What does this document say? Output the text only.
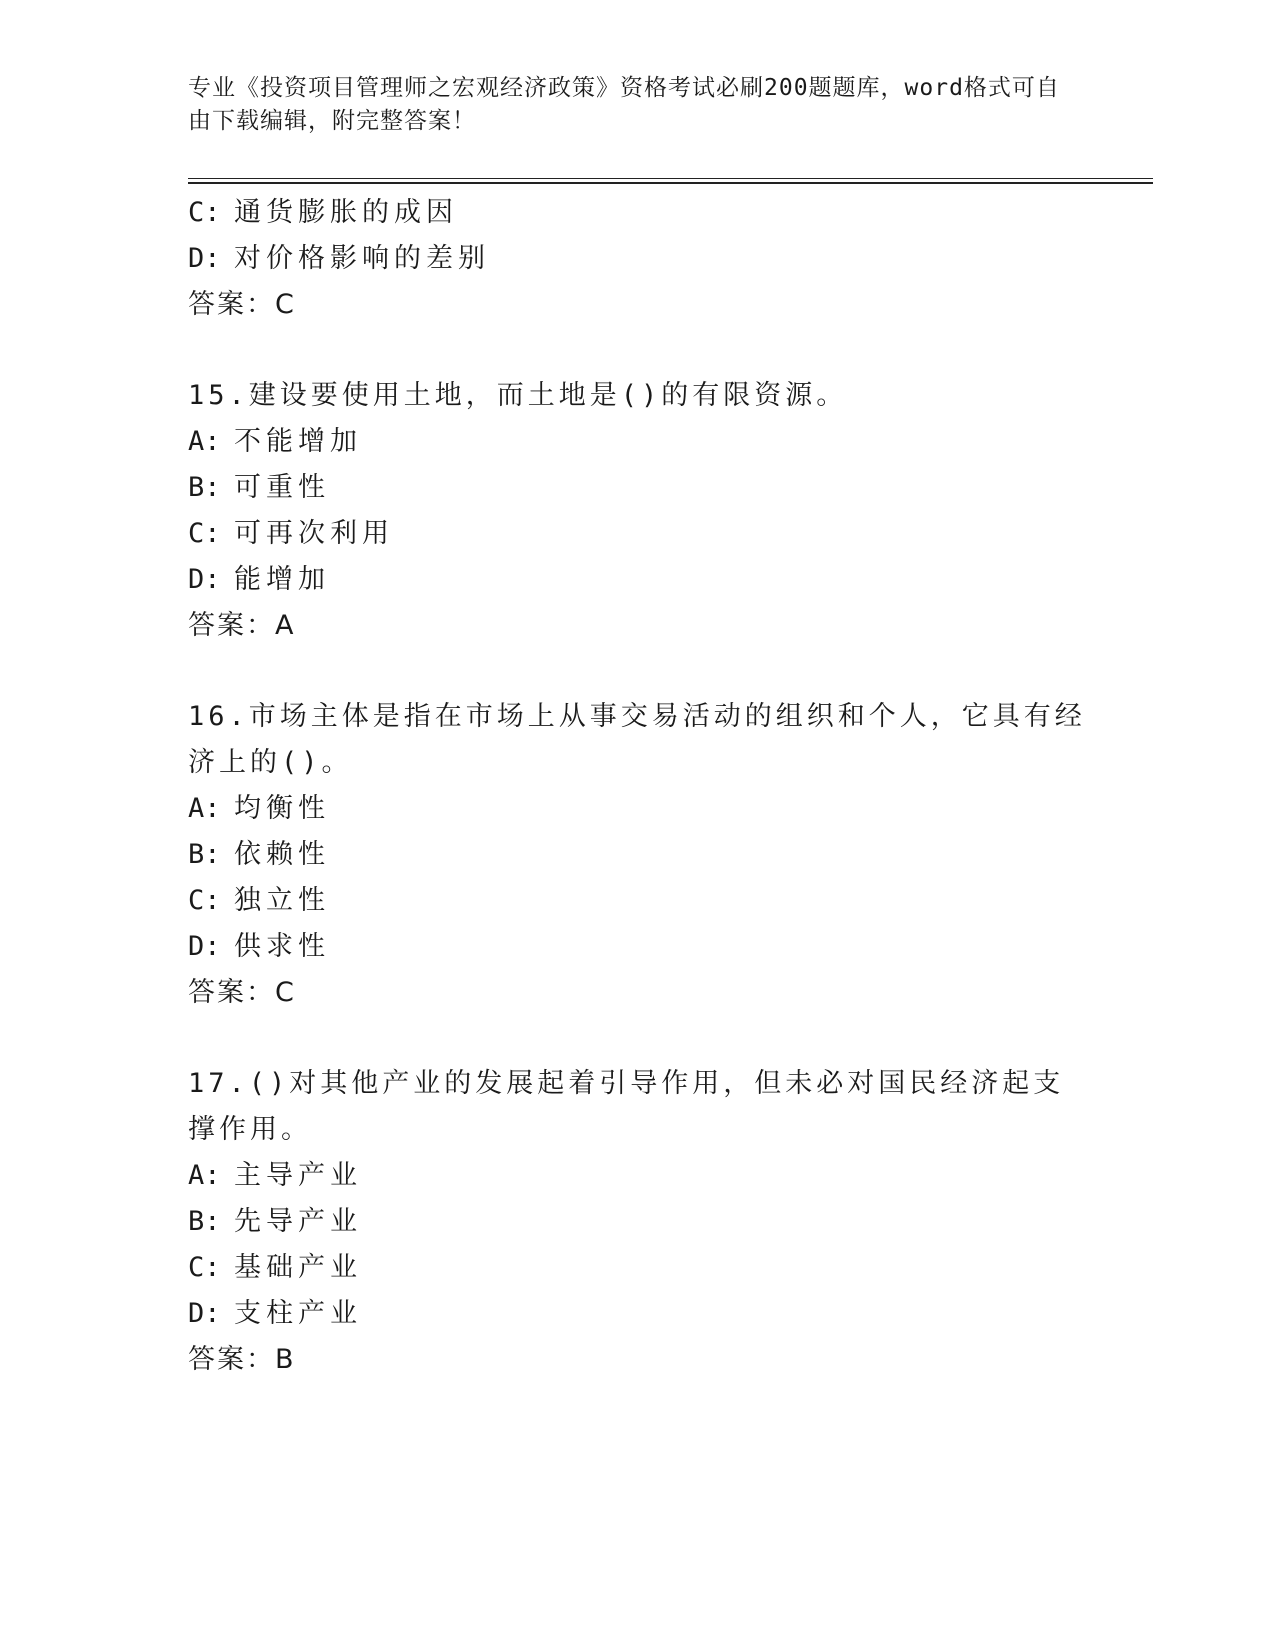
专业《投资项目管理师之宏观经济政策》资格考试必刷200题题库，word格式可自由下载编辑，附完整答案！
C: 通货膨胀的成因
D: 对价格影响的差别
答案：C
15.建设要使用土地，而土地是()的有限资源。
A: 不能增加
B: 可重性
C: 可再次利用
D: 能增加
答案：A
16.市场主体是指在市场上从事交易活动的组织和个人，它具有经济上的()。
A: 均衡性
B: 依赖性
C: 独立性
D: 供求性
答案：C
17.()对其他产业的发展起着引导作用，但未必对国民经济起支撑作用。
A: 主导产业
B: 先导产业
C: 基础产业
D: 支柱产业
答案：B
